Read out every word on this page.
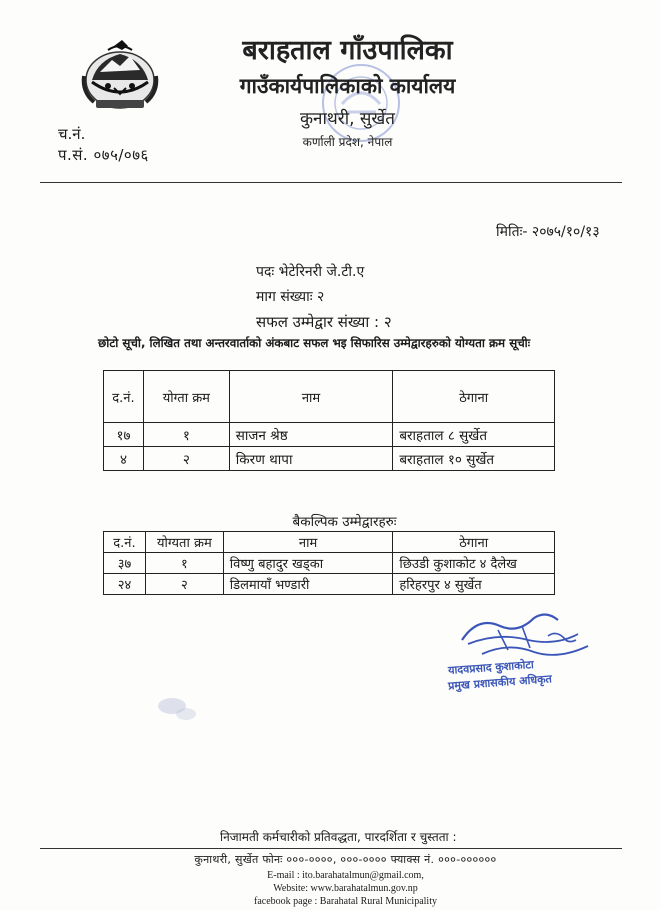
बराहताल गाँउपालिका
गाउँकार्यपालिकाको कार्यालय
कुनाथरी, सुर्खेत
कर्णाली प्रदेश, नेपाल
च.नं.
प.सं. ०७५/०७६
मितिः- २०७५/१०/१३
पदः भेटेरिनरी जे.टी.ए
माग संख्याः २
सफल उम्मेद्वार संख्या : २
छोटो सूची, लिखित तथा अन्तरवार्ताको अंकबाट सफल भइ सिफारिस उम्मेद्वारहरुको योग्यता क्रम सूचीः
द.नं.	योग्ता क्रम	नाम	ठेगाना
१७	१	साजन श्रेष्ठ	बराहताल ८ सुर्खेत
४	२	किरण थापा	बराहताल १० सुर्खेत
बैकल्पिक उम्मेद्वारहरुः
द.नं.	योग्यता क्रम	नाम	ठेगाना
३७	१	विष्णु बहादुर खड्का	छिउडी कुशाकोट ४ दैलेख
२४	२	डिलमायाँ भण्डारी	हरिहरपुर ४ सुर्खेत
यादवप्रसाद कुशाकोटा
प्रमुख प्रशासकीय अधिकृत
निजामती कर्मचारीको प्रतिवद्धता, पारदर्शिता र चुस्तता :
कुनाथरी, सुर्खेत फोनः ०००-००००, ०००-०००० फ्याक्स नं. ०००-००००००
E-mail : ito.barahatalmun@gmail.com,
Website: www.barahatalmun.gov.np
facebook page : Barahatal Rural Municipality
